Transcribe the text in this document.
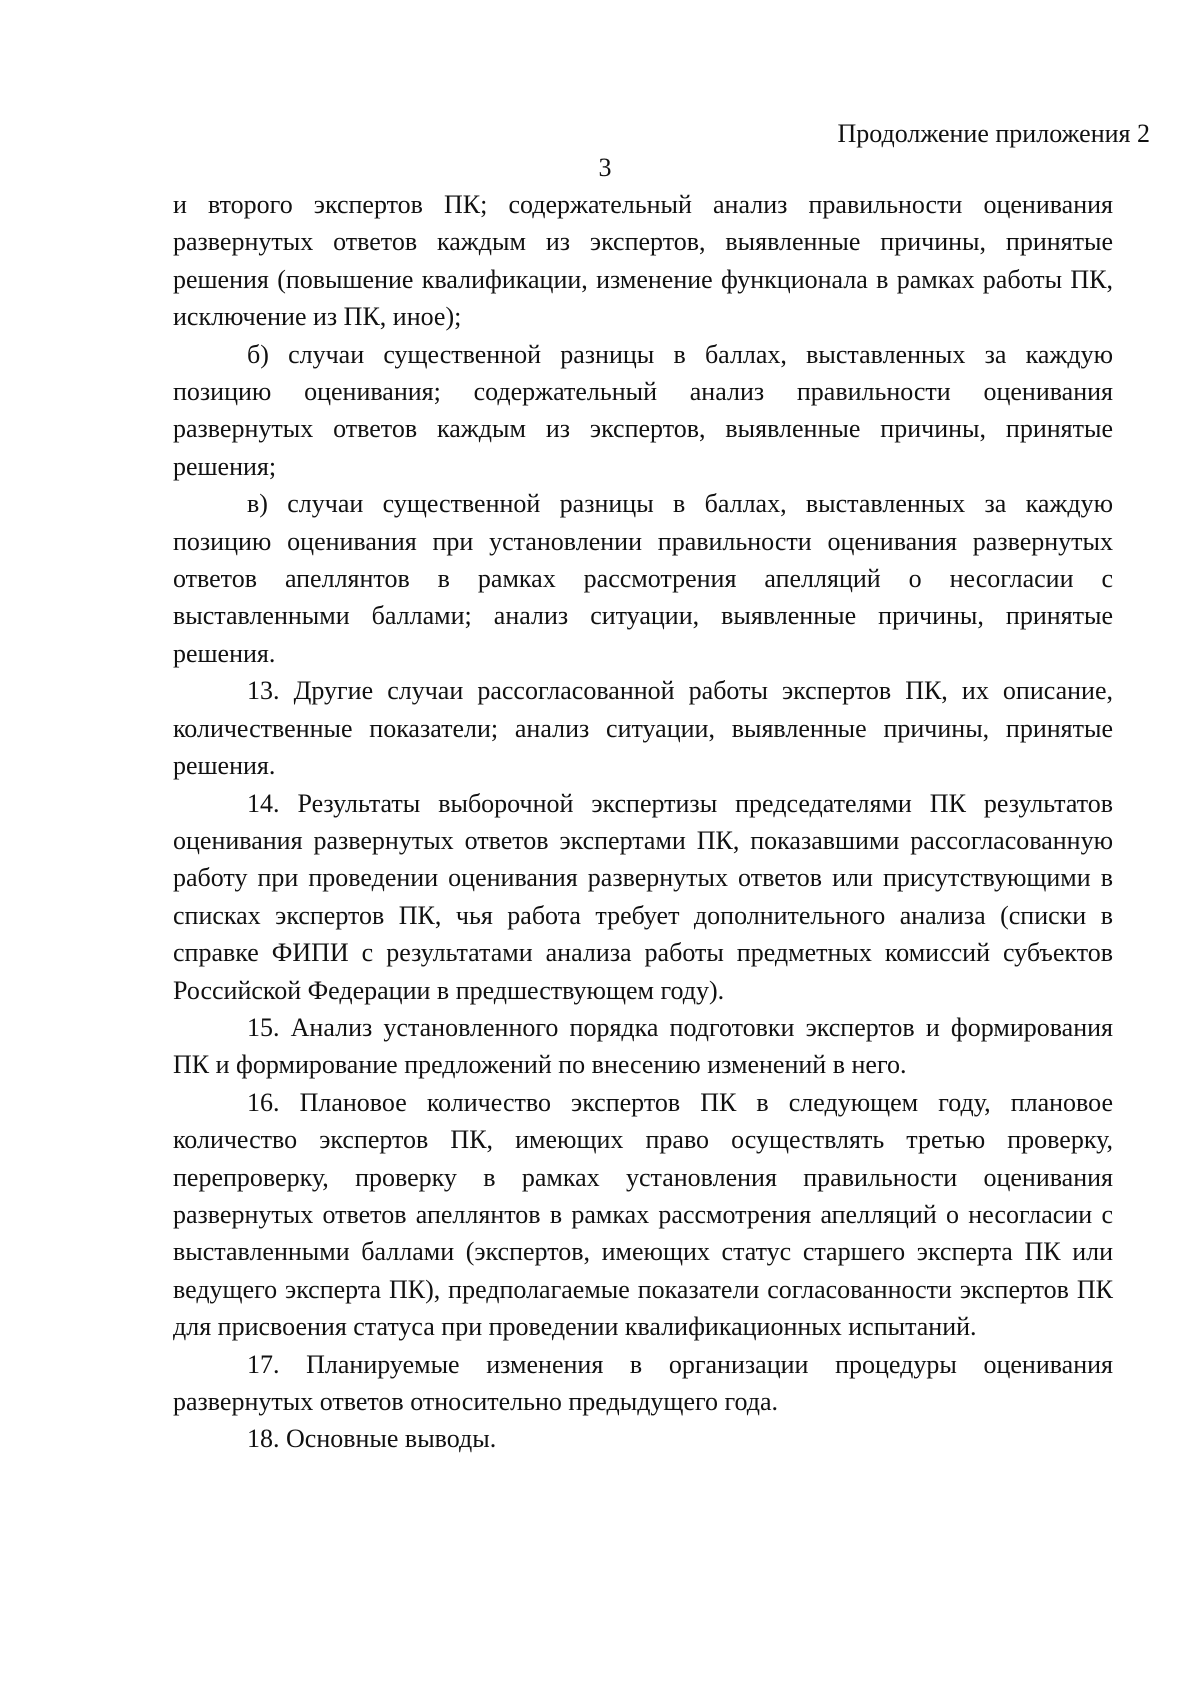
Продолжение приложения 2
3

и второго экспертов ПК; содержательный анализ правильности оценивания развернутых ответов каждым из экспертов, выявленные причины, принятые решения (повышение квалификации, изменение функционала в рамках работы ПК, исключение из ПК, иное);

б) случаи существенной разницы в баллах, выставленных за каждую позицию оценивания; содержательный анализ правильности оценивания развернутых ответов каждым из экспертов, выявленные причины, принятые решения;

в) случаи существенной разницы в баллах, выставленных за каждую позицию оценивания при установлении правильности оценивания развернутых ответов апеллянтов в рамках рассмотрения апелляций о несогласии с выставленными баллами; анализ ситуации, выявленные причины, принятые решения.

13. Другие случаи рассогласованной работы экспертов ПК, их описание, количественные показатели; анализ ситуации, выявленные причины, принятые решения.

14. Результаты выборочной экспертизы председателями ПК результатов оценивания развернутых ответов экспертами ПК, показавшими рассогласованную работу при проведении оценивания развернутых ответов или присутствующими в списках экспертов ПК, чья работа требует дополнительного анализа (списки в справке ФИПИ с результатами анализа работы предметных комиссий субъектов Российской Федерации в предшествующем году).

15. Анализ установленного порядка подготовки экспертов и формирования ПК и формирование предложений по внесению изменений в него.

16. Плановое количество экспертов ПК в следующем году, плановое количество экспертов ПК, имеющих право осуществлять третью проверку, перепроверку, проверку в рамках установления правильности оценивания развернутых ответов апеллянтов в рамках рассмотрения апелляций о несогласии с выставленными баллами (экспертов, имеющих статус старшего эксперта ПК или ведущего эксперта ПК), предполагаемые показатели согласованности экспертов ПК для присвоения статуса при проведении квалификационных испытаний.

17. Планируемые изменения в организации процедуры оценивания развернутых ответов относительно предыдущего года.

18. Основные выводы.
